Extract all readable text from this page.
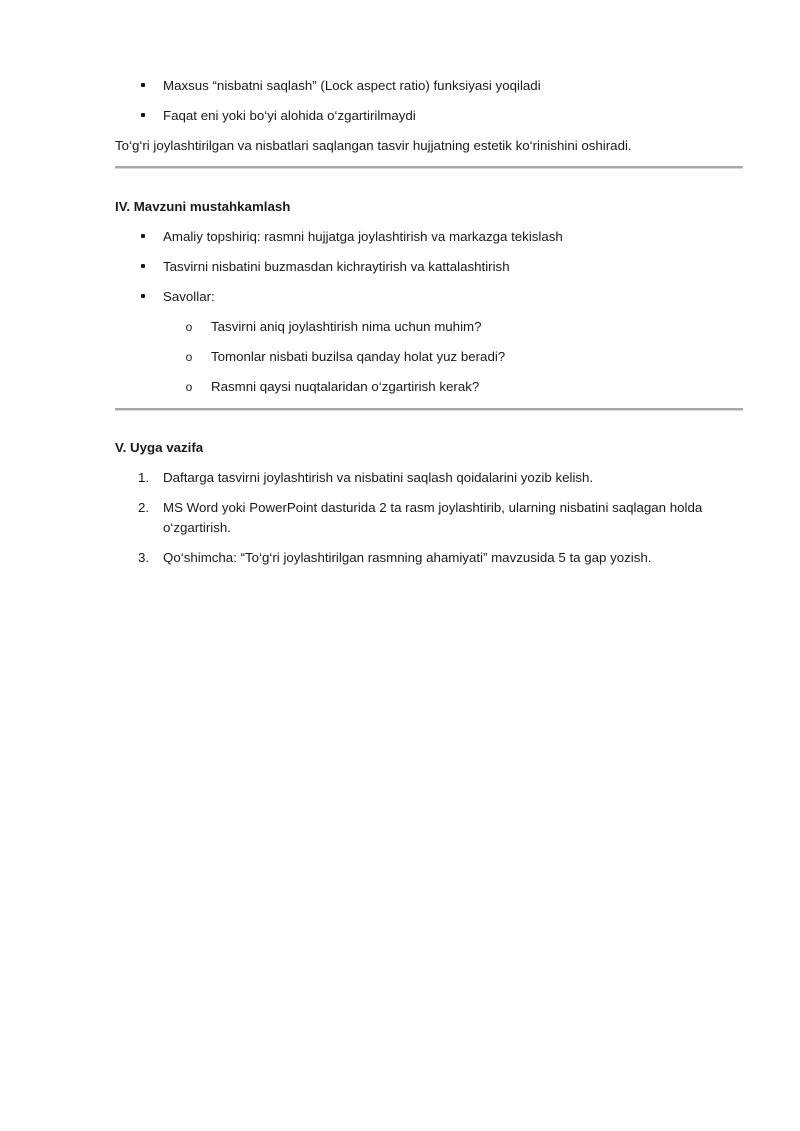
Maxsus “nisbatni saqlash” (Lock aspect ratio) funksiyasi yoqiladi
Faqat eni yoki bo‘yi alohida o‘zgartirilmaydi
To‘g‘ri joylashtirilgan va nisbatlari saqlangan tasvir hujjatning estetik ko‘rinishini oshiradi.
IV. Mavzuni mustahkamlash
Amaliy topshiriq: rasmni hujjatga joylashtirish va markazga tekislash
Tasvirni nisbatini buzmasdan kichraytirish va kattalashtirish
Savollar:
o Tasvirni aniq joylashtirish nima uchun muhim?
o Tomonlar nisbati buzilsa qanday holat yuz beradi?
o Rasmni qaysi nuqtalaridan o‘zgartirish kerak?
V. Uyga vazifa
1.	Daftarga tasvirni joylashtirish va nisbatini saqlash qoidalarini yozib kelish.
2.	MS Word yoki PowerPoint dasturida 2 ta rasm joylashtirib, ularning nisbatini saqlagan holda o‘zgartirish.
3.	Qo‘shimcha: “To‘g‘ri joylashtirilgan rasmning ahamiyati” mavzusida 5 ta gap yozish.
